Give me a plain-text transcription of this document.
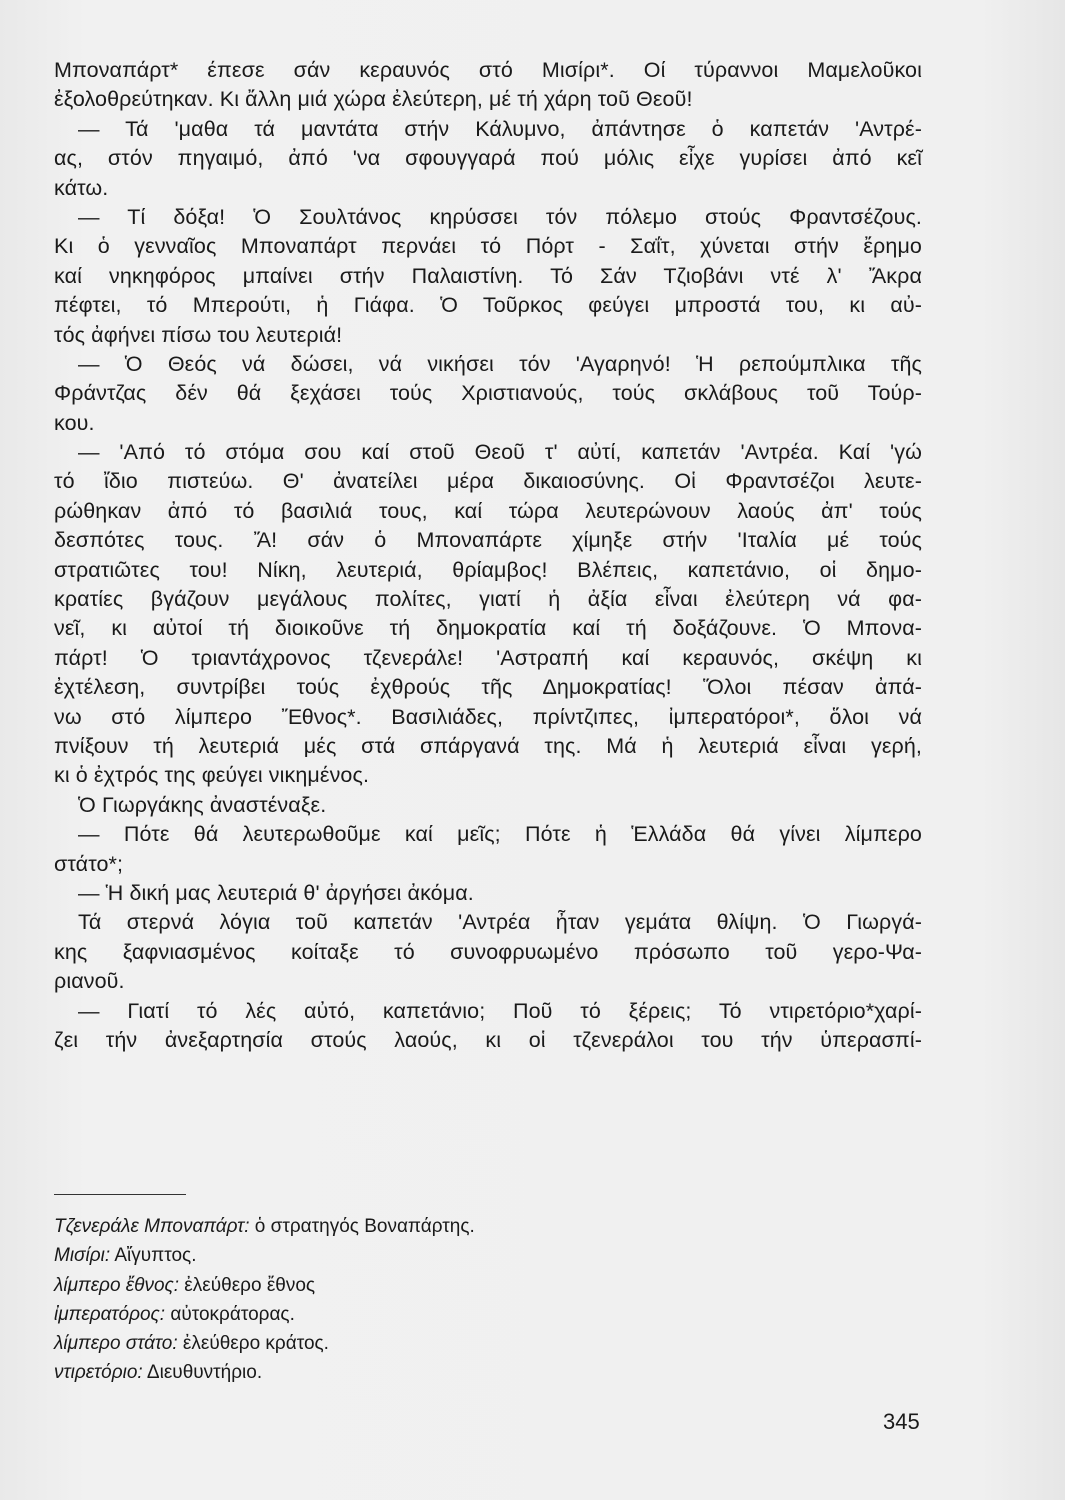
Μποναπάρτ* έπεσε σάν κεραυνός στό Μισίρι*. Οί τύραννοι Μαμελοῦκοι
ἐξολοθρεύτηκαν. Κι ἄλλη μιά χώρα ἐλεύτερη, μέ τή χάρη τοῦ Θεοῦ!
— Τά 'μαθα τά μαντάτα στήν Κάλυμνο, ἀπάντησε ὁ καπετάν 'Αντρέ-
ας, στόν πηγαιμό, ἀπό 'να σφουγγαρά πού μόλις εἶχε γυρίσει ἀπό κεῖ
κάτω.
— Τί δόξα! Ὁ Σουλτάνος κηρύσσει τόν πόλεμο στούς Φραντσέζους.
Κι ὁ γενναῖος Μποναπάρτ περνάει τό Πόρτ - Σαΐτ, χύνεται στήν ἔρημο
καί νηκηφόρος μπαίνει στήν Παλαιστίνη. Τό Σάν Τζιοβάνι ντέ λ' Ἄκρα
πέφτει, τό Μπερούτι, ἡ Γιάφα. Ὁ Τοῦρκος φεύγει μπροστά του, κι αὐ-
τός ἀφήνει πίσω του λευτεριά!
— Ὁ Θεός νά δώσει, νά νικήσει τόν 'Αγαρηνό! Ἡ ρεπούμπλικα τῆς
Φράντζας δέν θά ξεχάσει τούς Χριστιανούς, τούς σκλάβους τοῦ Τούρ-
κου.
— 'Από τό στόμα σου καί στοῦ Θεοῦ τ' αὐτί, καπετάν 'Αντρέα. Καί 'γώ
τό ἴδιο πιστεύω. Θ' ἀνατείλει μέρα δικαιοσύνης. Οἱ Φραντσέζοι λευτε-
ρώθηκαν ἀπό τό βασιλιά τους, καί τώρα λευτερώνουν λαούς ἀπ' τούς
δεσπότες τους. Ἄ! σάν ὁ Μποναπάρτε χίμηξε στήν 'Ιταλία μέ τούς
στρατιῶτες του! Νίκη, λευτεριά, θρίαμβος! Βλέπεις, καπετάνιο, οἱ δημο-
κρατίες βγάζουν μεγάλους πολίτες, γιατί ἡ ἀξία εἶναι ἐλεύτερη νά φα-
νεῖ, κι αὐτοί τή διοικοῦνε τή δημοκρατία καί τή δοξάζουνε. Ὁ Μπονα-
πάρτ! Ὁ τριαντάχρονος τζενεράλε! 'Αστραπή καί κεραυνός, σκέψη κι
ἐχτέλεση, συντρίβει τούς ἐχθρούς τῆς Δημοκρατίας! Ὅλοι πέσαν ἀπά-
νω στό λίμπερο Ἔθνος*. Βασιλιάδες, πρίντζιπες, ἰμπερατόροι*, ὅλοι νά
πνίξουν τή λευτεριά μές στά σπάργανά της. Μά ἡ λευτεριά εἶναι γερή,
κι ὁ ἐχτρός της φεύγει νικημένος.
Ὁ Γιωργάκης ἀναστέναξε.
— Πότε θά λευτερωθοῦμε καί μεῖς; Πότε ἡ Ἑλλάδα θά γίνει λίμπερο
στάτο*;
— Ἡ δική μας λευτεριά θ' ἀργήσει ἀκόμα.
Τά στερνά λόγια τοῦ καπετάν 'Αντρέα ἦταν γεμάτα θλίψη. Ὁ Γιωργά-
κης ξαφνιασμένος κοίταξε τό συνοφρυωμένο πρόσωπο τοῦ γερο-Ψα-
ριανοῦ.
— Γιατί τό λές αὐτό, καπετάνιο; Ποῦ τό ξέρεις; Τό ντιρετόριο*χαρί-
ζει τήν ἀνεξαρτησία στούς λαούς, κι οἱ τζενεράλοι του τήν ὑπερασπί-
Τζενεράλε Μποναπάρτ: ὁ στρατηγός Βοναπάρτης.
Μισίρι: Αἴγυπτος.
λίμπερο ἔθνος: ἐλεύθερο ἔθνος
ἰμπερατόρος: αὐτοκράτορας.
λίμπερο στάτο: ἐλεύθερο κράτος.
ντιρετόριο: Διευθυντήριο.
345
